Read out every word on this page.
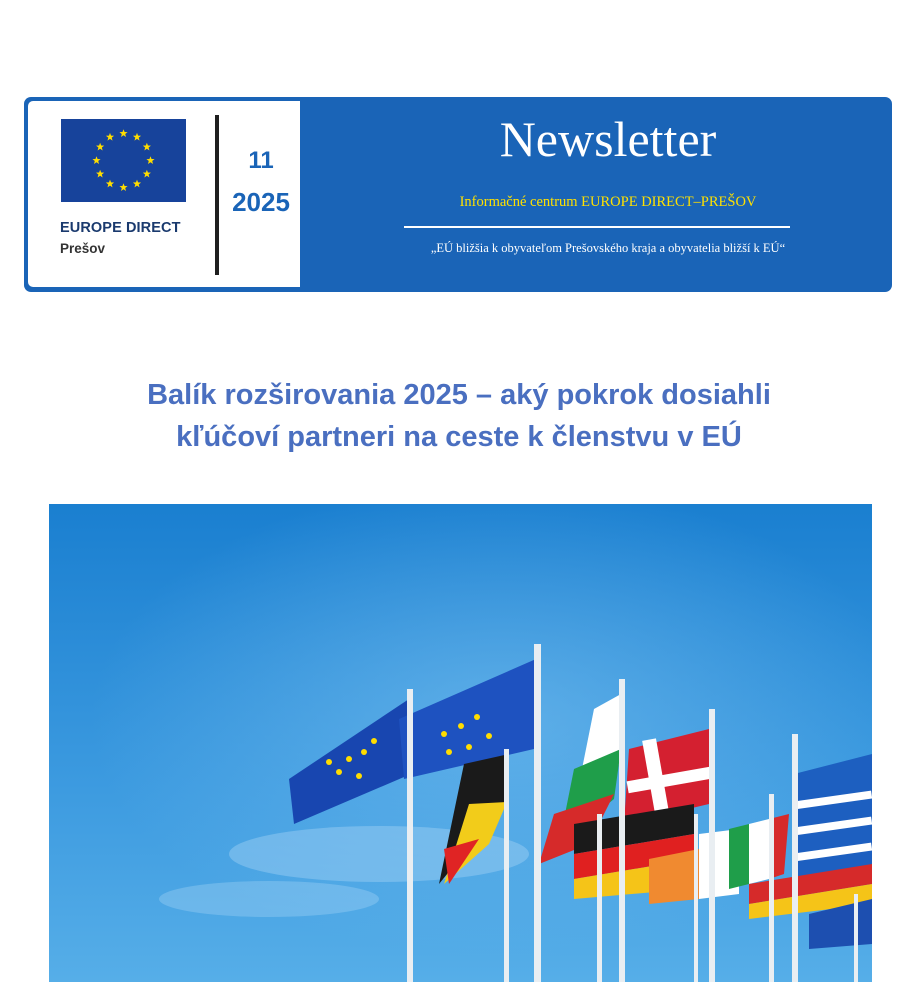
EUROPE DIRECT
Prešov
11
2025
Newsletter
Informačné centrum EUROPE DIRECT–PREŠOV
„EÚ bližšia k obyvateľom Prešovského kraja a obyvatelia bližší k EÚ“
Balík rozširovania 2025 – aký pokrok dosiahli
kľúčoví partneri na ceste k členstvu v EÚ
